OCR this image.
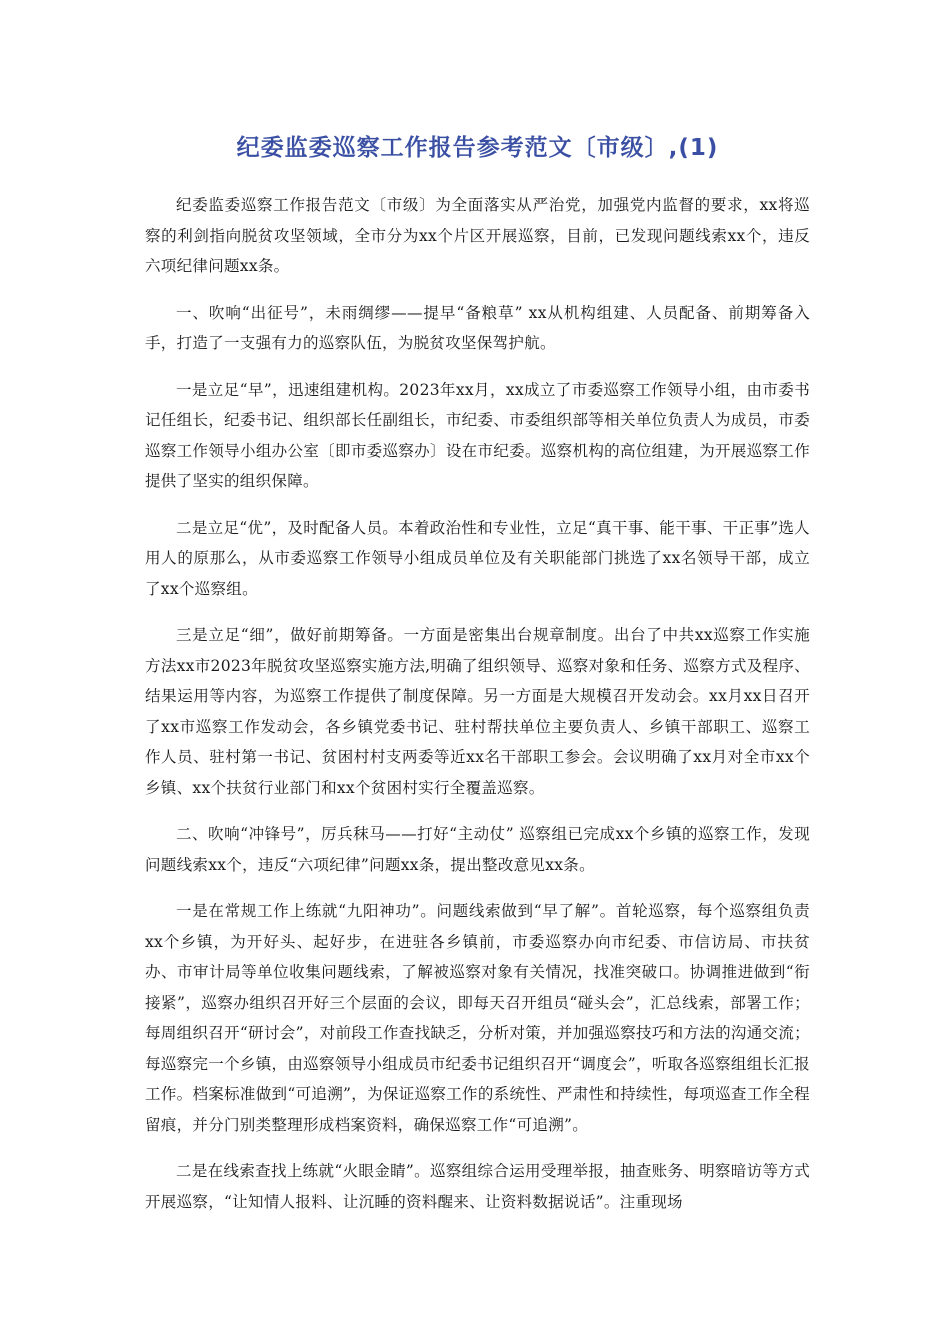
纪委监委巡察工作报告参考范文〔市级〕,(1)

纪委监委巡察工作报告范文〔市级〕为全面落实从严治党，加强党内监督的要求，xx将巡察的利剑指向脱贫攻坚领域，全市分为xx个片区开展巡察，目前，已发现问题线索xx个，违反六项纪律问题xx条。

一、吹响“出征号”，未雨绸缪——提早“备粮草” xx从机构组建、人员配备、前期筹备入手，打造了一支强有力的巡察队伍，为脱贫攻坚保驾护航。

一是立足“早”，迅速组建机构。2023年xx月，xx成立了市委巡察工作领导小组，由市委书记任组长，纪委书记、组织部长任副组长，市纪委、市委组织部等相关单位负责人为成员，市委巡察工作领导小组办公室〔即市委巡察办〕设在市纪委。巡察机构的高位组建，为开展巡察工作提供了坚实的组织保障。

二是立足“优”，及时配备人员。本着政治性和专业性，立足“真干事、能干事、干正事”选人用人的原那么，从市委巡察工作领导小组成员单位及有关职能部门挑选了xx名领导干部，成立了xx个巡察组。

三是立足“细”，做好前期筹备。一方面是密集出台规章制度。出台了中共xx巡察工作实施方法xx市2023年脱贫攻坚巡察实施方法,明确了组织领导、巡察对象和任务、巡察方式及程序、结果运用等内容，为巡察工作提供了制度保障。另一方面是大规模召开发动会。xx月xx日召开了xx市巡察工作发动会，各乡镇党委书记、驻村帮扶单位主要负责人、乡镇干部职工、巡察工作人员、驻村第一书记、贫困村村支两委等近xx名干部职工参会。会议明确了xx月对全市xx个乡镇、xx个扶贫行业部门和xx个贫困村实行全覆盖巡察。

二、吹响“冲锋号”，厉兵秣马——打好“主动仗” 巡察组已完成xx个乡镇的巡察工作，发现问题线索xx个，违反“六项纪律”问题xx条，提出整改意见xx条。

一是在常规工作上练就“九阳神功”。问题线索做到“早了解”。首轮巡察，每个巡察组负责xx个乡镇，为开好头、起好步，在进驻各乡镇前，市委巡察办向市纪委、市信访局、市扶贫办、市审计局等单位收集问题线索，了解被巡察对象有关情况，找准突破口。协调推进做到“衔接紧”，巡察办组织召开好三个层面的会议，即每天召开组员“碰头会”，汇总线索，部署工作；每周组织召开“研讨会”，对前段工作查找缺乏，分析对策，并加强巡察技巧和方法的沟通交流；每巡察完一个乡镇，由巡察领导小组成员市纪委书记组织召开“调度会”，听取各巡察组组长汇报工作。档案标准做到“可追溯”，为保证巡察工作的系统性、严肃性和持续性，每项巡查工作全程留痕，并分门别类整理形成档案资料，确保巡察工作“可追溯”。

二是在线索查找上练就“火眼金睛”。巡察组综合运用受理举报，抽查账务、明察暗访等方式开展巡察，“让知情人报料、让沉睡的资料醒来、让资料数据说话”。注重现场
